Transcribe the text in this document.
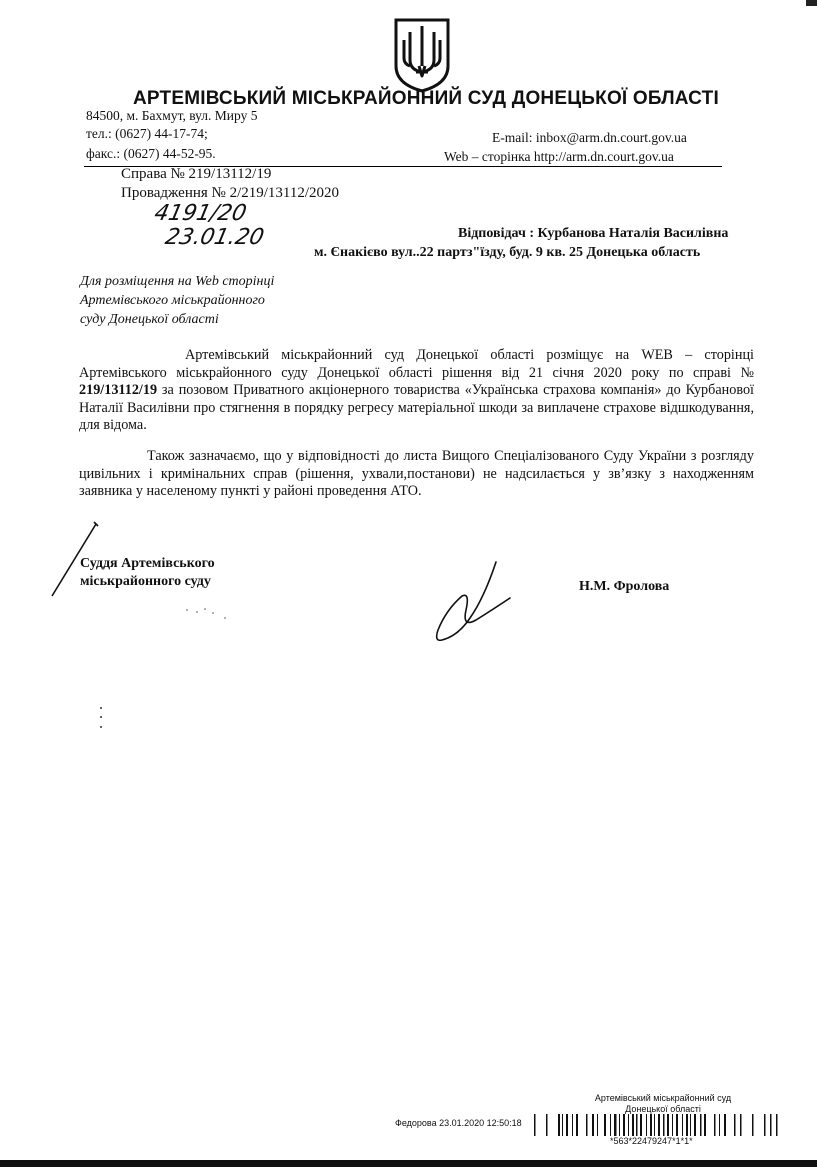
АРТЕМІВСЬКИЙ МІСЬКРАЙОННИЙ СУД ДОНЕЦЬКОЇ ОБЛАСТІ
84500, м. Бахмут, вул. Миру 5
тел.: (0627) 44-17-74;
факс.: (0627) 44-52-95.
E-mail: inbox@arm.dn.court.gov.ua
Web – сторінка http://arm.dn.court.gov.ua
Справа № 219/13112/19
Провадження № 2/219/13112/2020
4191/20
23.01.20	Відповідач : Курбанова Наталія Василівна
м. Єнакієво вул..22 партз"їзду, буд. 9 кв. 25 Донецька область
Для розміщення на Web сторінці
Артемівського міськрайонного
суду Донецької області
Артемівський міськрайонний суд Донецької області розміщує на WEB – сторінці Артемівського міськрайонного суду Донецької області рішення від 21 січня 2020 року по справі № 219/13112/19 за позовом Приватного акціонерного товариства «Українська страхова компанія» до Курбанової Наталії Василівни про стягнення в порядку регресу матеріальної шкоди за виплачене страхове відшкодування, для відома.
Також зазначаємо, що у відповідності до листа Вищого Спеціалізованого Суду України з розгляду цивільних і кримінальних справ (рішення, ухвали,постанови) не надсилається у зв’язку з находженням заявника у населеному пункті у районі проведення АТО.
Суддя Артемівського
міськрайонного суду	Н.М. Фролова
Артемівський міськрайонний суд
Донецької області
Федорова 23.01.2020 12:50:18
*563*22479247*1*1*
